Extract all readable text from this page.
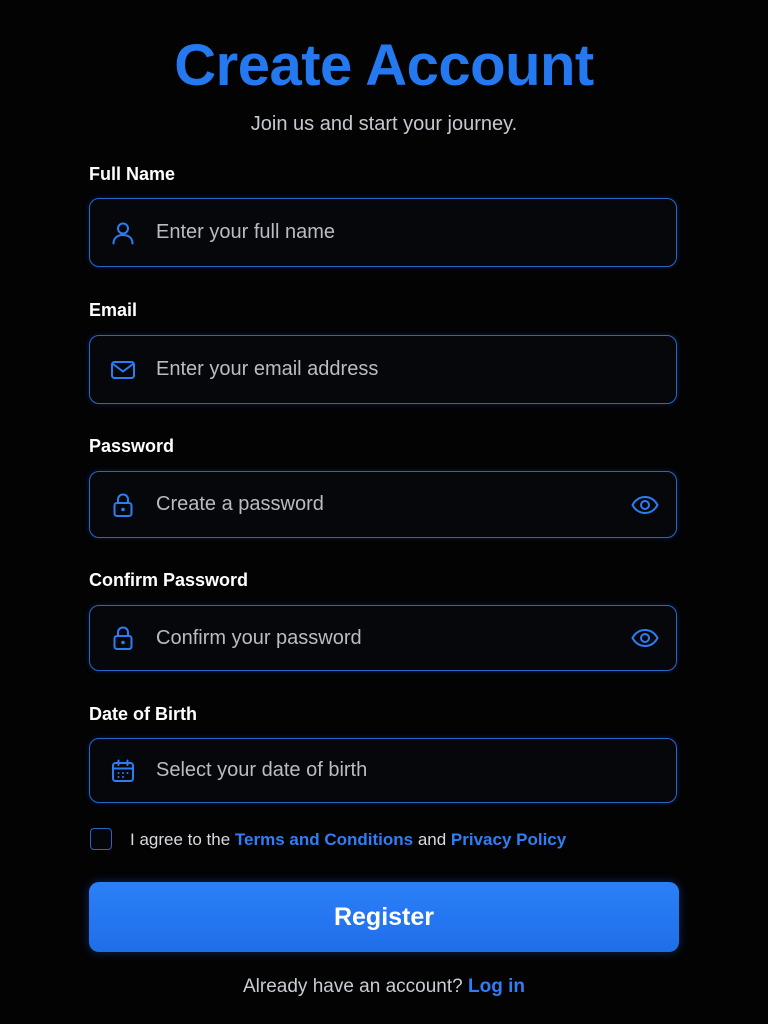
Create Account

Join us and start your journey.

Full Name
Enter your full name
Email
Enter your email address
Password
Confirm Password
Date of Birth
Select your date of birth
I agree to the Terms and Conditions and Privacy Policy
Register
Already have an account? Log in
